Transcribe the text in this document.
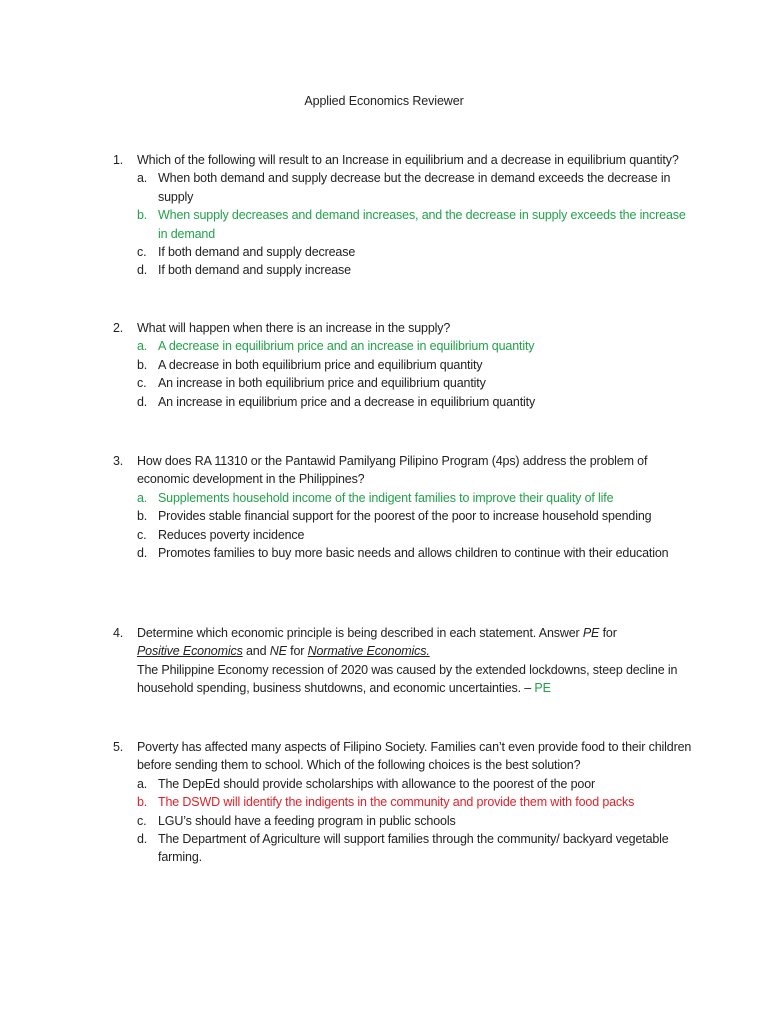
Applied Economics Reviewer
1. Which of the following will result to an Increase in equilibrium and a decrease in equilibrium quantity?
a. When both demand and supply decrease but the decrease in demand exceeds the decrease in supply
b. When supply decreases and demand increases, and the decrease in supply exceeds the increase in demand
c. If both demand and supply decrease
d. If both demand and supply increase
2. What will happen when there is an increase in the supply?
a. A decrease in equilibrium price and an increase in equilibrium quantity
b. A decrease in both equilibrium price and equilibrium quantity
c. An increase in both equilibrium price and equilibrium quantity
d. An increase in equilibrium price and a decrease in equilibrium quantity
3. How does RA 11310 or the Pantawid Pamilyang Pilipino Program (4ps) address the problem of economic development in the Philippines?
a. Supplements household income of the indigent families to improve their quality of life
b. Provides stable financial support for the poorest of the poor to increase household spending
c. Reduces poverty incidence
d. Promotes families to buy more basic needs and allows children to continue with their education
4. Determine which economic principle is being described in each statement. Answer PE for
Positive Economics and NE for Normative Economics.
The Philippine Economy recession of 2020 was caused by the extended lockdowns, steep decline in household spending, business shutdowns, and economic uncertainties. – PE
5. Poverty has affected many aspects of Filipino Society. Families can’t even provide food to their children before sending them to school. Which of the following choices is the best solution?
a. The DepEd should provide scholarships with allowance to the poorest of the poor
b. The DSWD will identify the indigents in the community and provide them with food packs
c. LGU’s should have a feeding program in public schools
d. The Department of Agriculture will support families through the community/ backyard vegetable farming.
